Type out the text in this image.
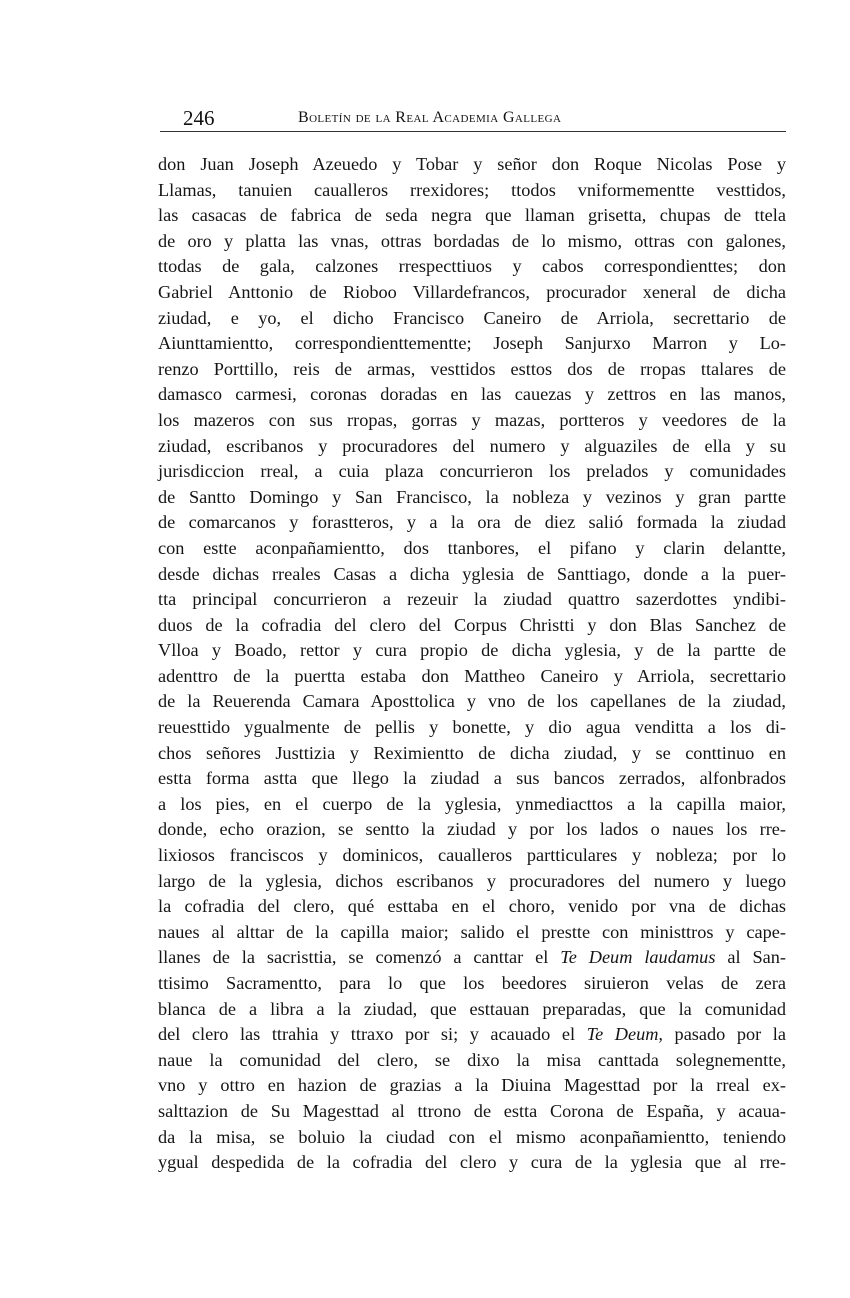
246	Boletín de la Real Academia Gallega
don Juan Joseph Azeuedo y Tobar y señor don Roque Nicolas Pose y
Llamas, tanuien caualleros rrexidores; ttodos vniformementte vesttidos,
las casacas de fabrica de seda negra que llaman grisetta, chupas de ttela
de oro y platta las vnas, ottras bordadas de lo mismo, ottras con galones,
ttodas de gala, calzones rrespecttiuos y cabos correspondienttes; don
Gabriel Anttonio de Rioboo Villardefrancos, procurador xeneral de dicha
ziudad, e yo, el dicho Francisco Caneiro de Arriola, secrettario de
Aiunttamientto, correspondienttementte; Joseph Sanjurxo Marron y Lo-
renzo Porttillo, reis de armas, vesttidos esttos dos de rropas ttalares de
damasco carmesi, coronas doradas en las cauezas y zettros en las manos,
los mazeros con sus rropas, gorras y mazas, portteros y veedores de la
ziudad, escribanos y procuradores del numero y alguaziles de ella y su
jurisdiccion rreal, a cuia plaza concurrieron los prelados y comunidades
de Santto Domingo y San Francisco, la nobleza y vezinos y gran partte
de comarcanos y forastteros, y a la ora de diez salió formada la ziudad
con estte aconpañamientto, dos ttanbores, el pifano y clarin delantte,
desde dichas rreales Casas a dicha yglesia de Santtiago, donde a la puer-
tta principal concurrieron a rezeuir la ziudad quattro sazerdottes yndibi-
duos de la cofradia del clero del Corpus Christti y don Blas Sanchez de
Vlloa y Boado, rettor y cura propio de dicha yglesia, y de la partte de
adenttro de la puertta estaba don Mattheo Caneiro y Arriola, secrettario
de la Reuerenda Camara Aposttolica y vno de los capellanes de la ziudad,
reuesttido ygualmente de pellis y bonette, y dio agua venditta a los di-
chos señores Justtizia y Reximientto de dicha ziudad, y se conttinuo en
estta forma astta que llego la ziudad a sus bancos zerrados, alfonbrados
a los pies, en el cuerpo de la yglesia, ynmediacttos a la capilla maior,
donde, echo orazion, se sentto la ziudad y por los lados o naues los rre-
lixiosos franciscos y dominicos, caualleros partticulares y nobleza; por lo
largo de la yglesia, dichos escribanos y procuradores del numero y luego
la cofradia del clero, qué esttaba en el choro, venido por vna de dichas
naues al alttar de la capilla maior; salido el prestte con ministtros y cape-
llanes de la sacristtia, se comenzó a canttar el Te Deum laudamus al San-
ttisimo Sacramentto, para lo que los beedores siruieron velas de zera
blanca de a libra a la ziudad, que esttauan preparadas, que la comunidad
del clero las ttrahia y ttraxo por si; y acauado el Te Deum, pasado por la
naue la comunidad del clero, se dixo la misa canttada solegnementte,
vno y ottro en hazion de grazias a la Diuina Magesttad por la rreal ex-
salttazion de Su Magesttad al ttrono de estta Corona de España, y acaua-
da la misa, se boluio la ciudad con el mismo aconpañamientto, teniendo
ygual despedida de la cofradia del clero y cura de la yglesia que al rre-
